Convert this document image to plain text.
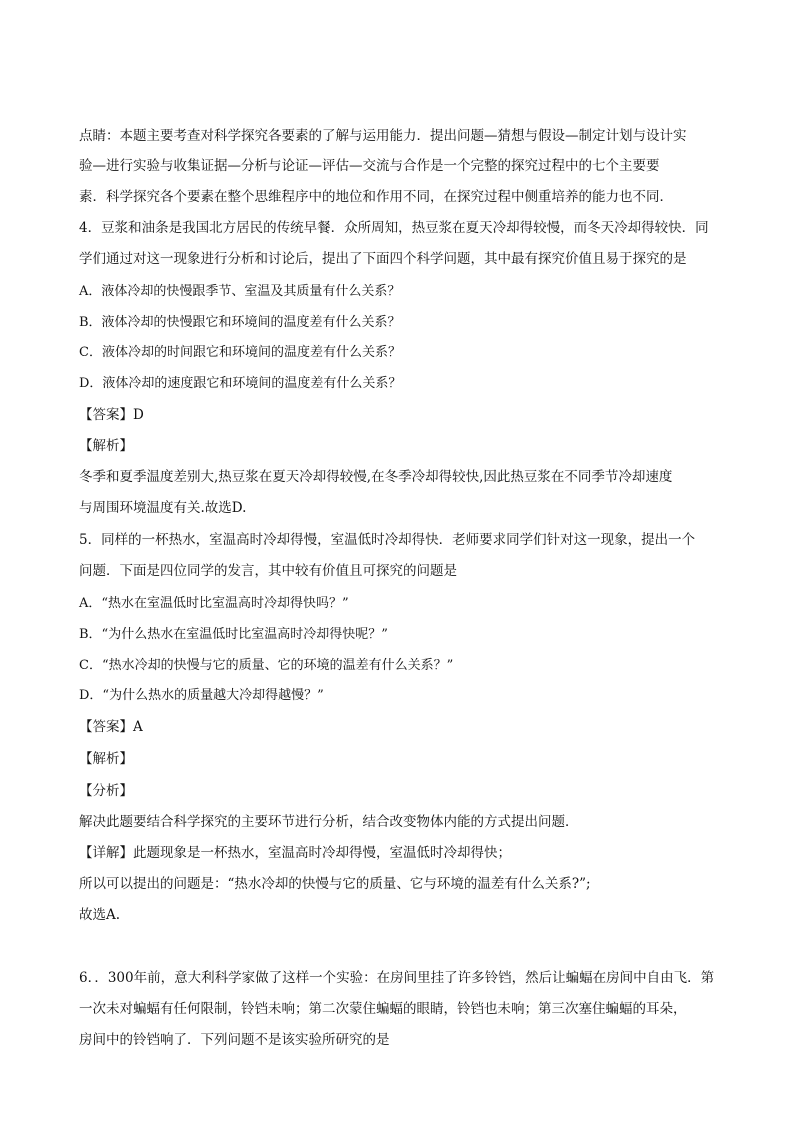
点睛：本题主要考查对科学探究各要素的了解与运用能力．提出问题—猜想与假设—制定计划与设计实
验—进行实验与收集证据—分析与论证—评估—交流与合作是一个完整的探究过程中的七个主要要
素．科学探究各个要素在整个思维程序中的地位和作用不同，在探究过程中侧重培养的能力也不同．
4．豆浆和油条是我国北方居民的传统早餐．众所周知，热豆浆在夏天冷却得较慢，而冬天冷却得较快．同
学们通过对这一现象进行分析和讨论后，提出了下面四个科学问题，其中最有探究价值且易于探究的是
A．液体冷却的快慢跟季节、室温及其质量有什么关系？
B．液体冷却的快慢跟它和环境间的温度差有什么关系？
C．液体冷却的时间跟它和环境间的温度差有什么关系？
D．液体冷却的速度跟它和环境间的温度差有什么关系？
【答案】D
【解析】
冬季和夏季温度差别大,热豆浆在夏天冷却得较慢,在冬季冷却得较快,因此热豆浆在不同季节冷却速度
与周围环境温度有关.故选D.
5．同样的一杯热水，室温高时冷却得慢，室温低时冷却得快．老师要求同学们针对这一现象，提出一个
问题．下面是四位同学的发言，其中较有价值且可探究的问题是
A．“热水在室温低时比室温高时冷却得快吗？”
B．“为什么热水在室温低时比室温高时冷却得快呢？”
C．“热水冷却的快慢与它的质量、它的环境的温差有什么关系？”
D．“为什么热水的质量越大冷却得越慢？”
【答案】A
【解析】
【分析】
解决此题要结合科学探究的主要环节进行分析，结合改变物体内能的方式提出问题．
【详解】此题现象是一杯热水，室温高时冷却得慢，室温低时冷却得快；
所以可以提出的问题是：“热水冷却的快慢与它的质量、它与环境的温差有什么关系?”;
故选A.
6．．300年前，意大利科学家做了这样一个实验：在房间里挂了许多铃铛，然后让蝙蝠在房间中自由飞．第
一次未对蝙蝠有任何限制，铃铛未响；第二次蒙住蝙蝠的眼睛，铃铛也未响；第三次塞住蝙蝠的耳朵，
房间中的铃铛响了．下列问题不是该实验所研究的是
